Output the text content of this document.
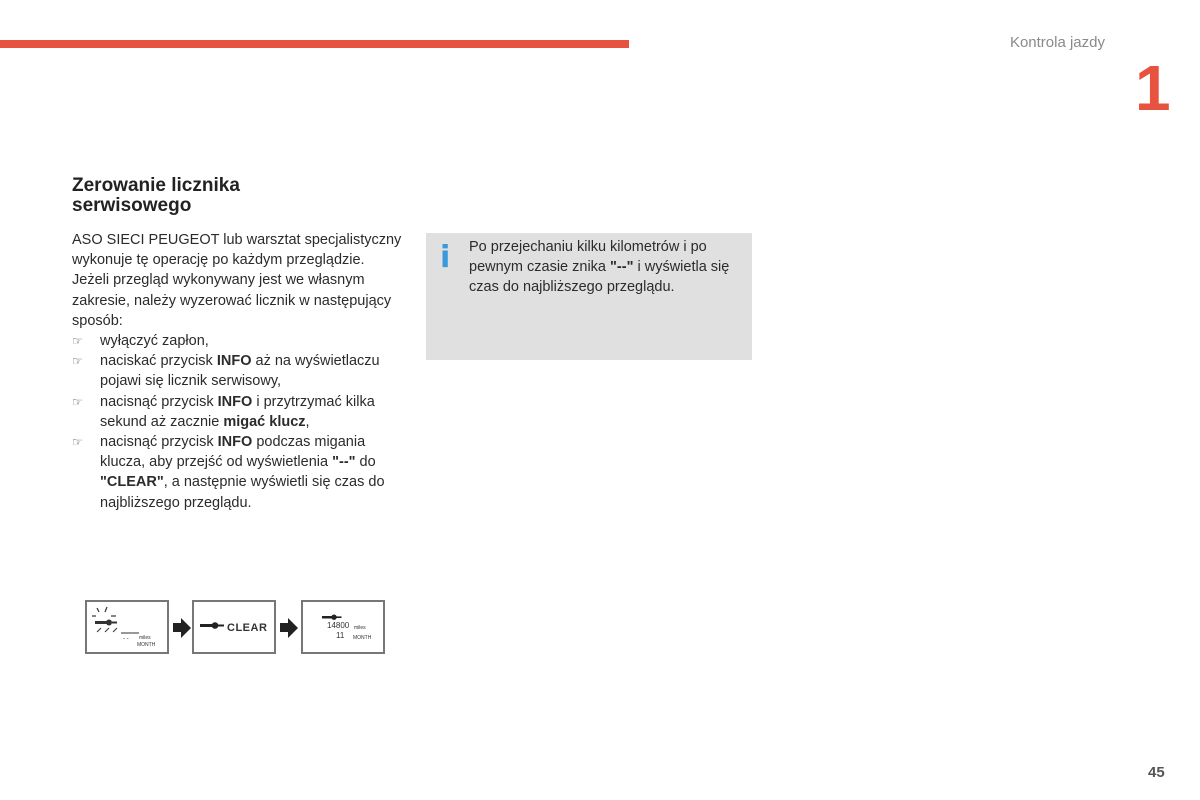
Kontrola jazdy
1
Zerowanie licznika
serwisowego

ASO SIECI PEUGEOT lub warsztat specjalistyczny wykonuje tę operację po każdym przeglądzie.

Jeżeli przegląd wykonywany jest we własnym zakresie, należy wyzerować licznik w następujący sposób:

☞ wyłączyć zapłon,
☞ naciskać przycisk INFO aż na wyświetlaczu pojawi się licznik serwisowy,
☞ nacisnąć przycisk INFO i przytrzymać kilka sekund aż zacznie migać klucz,
☞ nacisnąć przycisk INFO podczas migania klucza, aby przejść od wyświetlenia "--" do "CLEAR", a następnie wyświetli się czas do najbliższego przeglądu.
i Po przejechaniu kilku kilometrów i po pewnym czasie znika "--" i wyświetla się czas do najbliższego przeglądu.
- - miles
MONTH
CLEAR	14800 miles
11 MONTH
45
